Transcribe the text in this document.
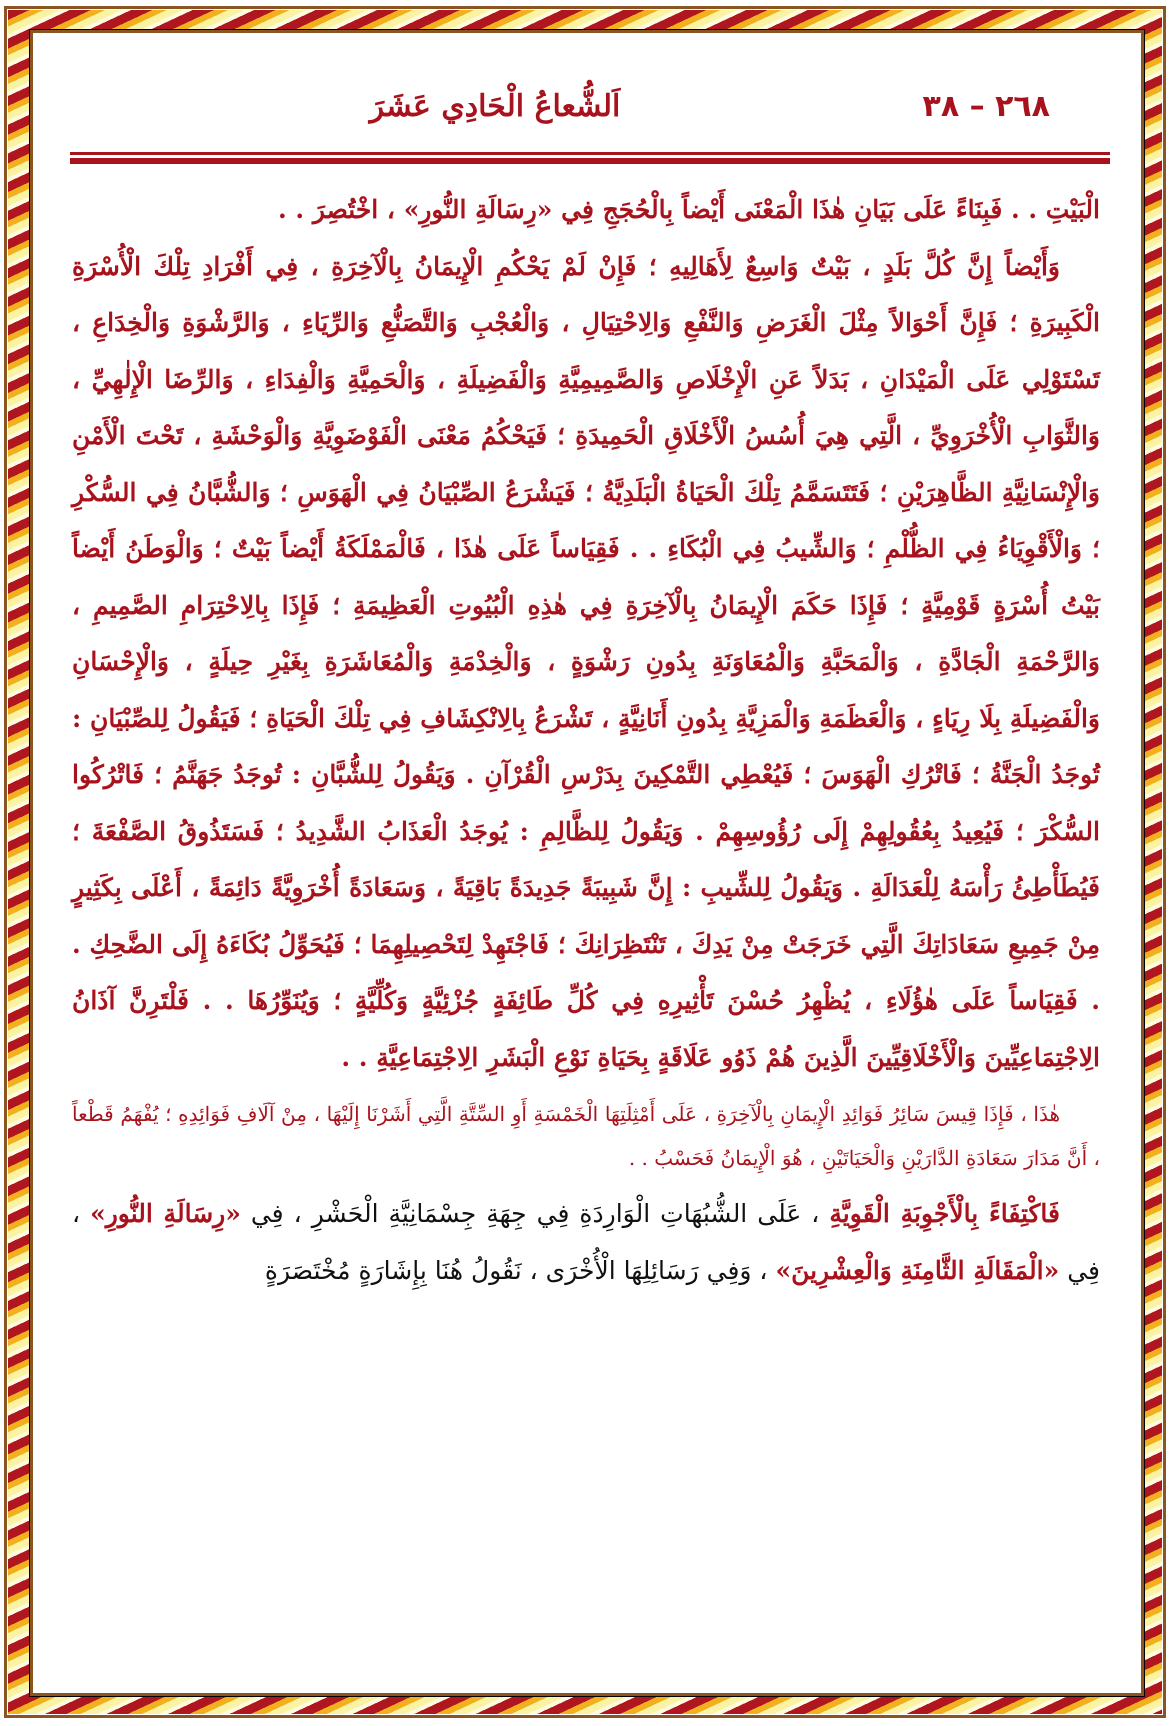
٢٦٨ – ٣٨
اَلشُّعاعُ الْحَادِي عَشَرَ

الْبَيْتِ . . فَبِنَاءً عَلَى بَيَانِ هٰذَا الْمَعْنَى أَيْضاً بِالْحُجَجِ فِي «رِسَالَةِ النُّورِ» ، اخْتُصِرَ . .

وَأَيْضاً إِنَّ كُلَّ بَلَدٍ ، بَيْتٌ وَاسِعٌ لِأَهَالِيهِ ؛ فَإِنْ لَمْ يَحْكُمِ الْإِيمَانُ بِالْآخِرَةِ ، فِي أَفْرَادِ تِلْكَ الْأُسْرَةِ الْكَبِيرَةِ ؛ فَإِنَّ أَحْوَالاً مِثْلَ الْغَرَضِ وَالنَّفْعِ وَالِاحْتِيَالِ ، وَالْعُجْبِ وَالتَّصَنُّعِ وَالرِّيَاءِ ، وَالرَّشْوَةِ وَالْخِدَاعِ ، تَسْتَوْلِي عَلَى الْمَيْدَانِ ، بَدَلاً عَنِ الْإِخْلَاصِ وَالصَّمِيمِيَّةِ وَالْفَضِيلَةِ ، وَالْحَمِيَّةِ وَالْفِدَاءِ ، وَالرِّضَا الْإِلٰهِيِّ ، وَالثَّوَابِ الْأُخْرَوِيِّ ، الَّتِي هِيَ أُسُسُ الْأَخْلَاقِ الْحَمِيدَةِ ؛ فَيَحْكُمُ مَعْنَى الْفَوْضَوِيَّةِ وَالْوَحْشَةِ ، تَحْتَ الْأَمْنِ وَالْإِنْسَانِيَّةِ الظَّاهِرَيْنِ ؛ فَتَتَسَمَّمُ تِلْكَ الْحَيَاةُ الْبَلَدِيَّةُ ؛ فَيَشْرَعُ الصِّبْيَانُ فِي الْهَوَسِ ؛ وَالشُّبَّانُ فِي السُّكْرِ ؛ وَالْأَقْوِيَاءُ فِي الظُّلْمِ ؛ وَالشِّيبُ فِي الْبُكَاءِ . . فَقِيَاساً عَلَى هٰذَا ، فَالْمَمْلَكَةُ أَيْضاً بَيْتٌ ؛ وَالْوَطَنُ أَيْضاً بَيْتُ أُسْرَةٍ قَوْمِيَّةٍ ؛ فَإِذَا حَكَمَ الْإِيمَانُ بِالْآخِرَةِ فِي هٰذِهِ الْبُيُوتِ الْعَظِيمَةِ ؛ فَإِذَا بِالِاحْتِرَامِ الصَّمِيمِ ، وَالرَّحْمَةِ الْجَادَّةِ ، وَالْمَحَبَّةِ وَالْمُعَاوَنَةِ بِدُونِ رَشْوَةٍ ، وَالْخِدْمَةِ وَالْمُعَاشَرَةِ بِغَيْرِ حِيلَةٍ ، وَالْإِحْسَانِ وَالْفَضِيلَةِ بِلَا رِيَاءٍ ، وَالْعَظَمَةِ وَالْمَزِيَّةِ بِدُونِ أَنَانِيَّةٍ ، تَشْرَعُ بِالِانْكِشَافِ فِي تِلْكَ الْحَيَاةِ ؛ فَيَقُولُ لِلصِّبْيَانِ : تُوجَدُ الْجَنَّةُ ؛ فَاتْرُكِ الْهَوَسَ ؛ فَيُعْطِي التَّمْكِينَ بِدَرْسِ الْقُرْآنِ . وَيَقُولُ لِلشُّبَّانِ : تُوجَدُ جَهَنَّمُ ؛ فَاتْرُكُوا السُّكْرَ ؛ فَيُعِيدُ بِعُقُولِهِمْ إِلَى رُؤُوسِهِمْ . وَيَقُولُ لِلظَّالِمِ : يُوجَدُ الْعَذَابُ الشَّدِيدُ ؛ فَسَتَذُوقُ الصَّفْعَةَ ؛ فَيُطَأْطِئُ رَأْسَهُ لِلْعَدَالَةِ . وَيَقُولُ لِلشِّيبِ : إِنَّ شَبِيبَةً جَدِيدَةً بَاقِيَةً ، وَسَعَادَةً أُخْرَوِيَّةً دَائِمَةً ، أَعْلَى بِكَثِيرٍ مِنْ جَمِيعِ سَعَادَاتِكَ الَّتِي خَرَجَتْ مِنْ يَدِكَ ، تَنْتَظِرَانِكَ ؛ فَاجْتَهِدْ لِتَحْصِيلِهِمَا ؛ فَيُحَوِّلُ بُكَاءَهُ إِلَى الضَّحِكِ . . فَقِيَاساً عَلَى هٰؤُلَاءِ ، يُظْهِرُ حُسْنَ تَأْثِيرِهِ فِي كُلِّ طَائِفَةٍ جُزْئِيَّةٍ وَكُلِّيَّةٍ ؛ وَيُنَوِّرُهَا . . فَلْتَرِنَّ آذَانُ الِاجْتِمَاعِيِّينَ وَالْأَخْلَاقِيِّينَ الَّذِينَ هُمْ ذَوُو عَلَاقَةٍ بِحَيَاةِ نَوْعِ الْبَشَرِ الِاجْتِمَاعِيَّةِ . .

هٰذَا ، فَإِذَا قِيسَ سَائِرُ فَوَائِدِ الْإِيمَانِ بِالْآخِرَةِ ، عَلَى أَمْثِلَتِهَا الْخَمْسَةِ أَوِ السِّتَّةِ الَّتِي أَشَرْنَا إِلَيْهَا ، مِنْ آلَافِ فَوَائِدِهِ ؛ يُفْهَمُ قَطْعاً ، أَنَّ مَدَارَ سَعَادَةِ الدَّارَيْنِ وَالْحَيَاتَيْنِ ، هُوَ الْإِيمَانُ فَحَسْبُ . .

فَاكْتِفَاءً بِالْأَجْوِبَةِ الْقَوِيَّةِ ، عَلَى الشُّبُهَاتِ الْوَارِدَةِ فِي جِهَةِ جِسْمَانِيَّةِ الْحَشْرِ ، فِي «رِسَالَةِ النُّورِ» ، فِي «الْمَقَالَةِ الثَّامِنَةِ وَالْعِشْرِينَ» ، وَفِي رَسَائِلِهَا الْأُخْرَى ، نَقُولُ هُنَا بِإِشَارَةٍ مُخْتَصَرَةٍ
